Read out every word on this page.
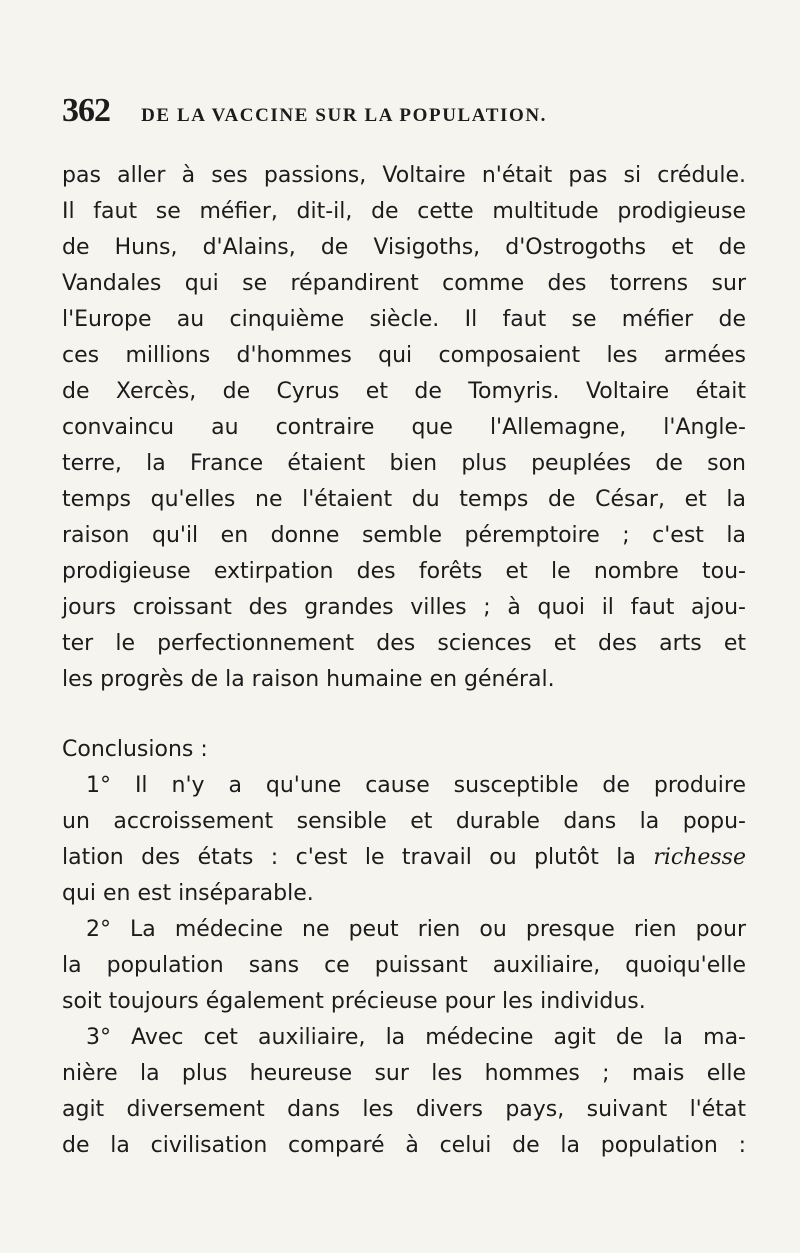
362 DE LA VACCINE SUR LA POPULATION.
pas aller à ses passions, Voltaire n'était pas si crédule.
Il faut se méfier, dit-il, de cette multitude prodigieuse
de Huns, d'Alains, de Visigoths, d'Ostrogoths et de
Vandales qui se répandirent comme des torrens sur
l'Europe au cinquième siècle. Il faut se méfier de
ces millions d'hommes qui composaient les armées
de Xercès, de Cyrus et de Tomyris. Voltaire était
convaincu au contraire que l'Allemagne, l'Angle-
terre, la France étaient bien plus peuplées de son
temps qu'elles ne l'étaient du temps de César, et la
raison qu'il en donne semble péremptoire ; c'est la
prodigieuse extirpation des forêts et le nombre tou-
jours croissant des grandes villes ; à quoi il faut ajou-
ter le perfectionnement des sciences et des arts et
les progrès de la raison humaine en général.
Conclusions :
1° Il n'y a qu'une cause susceptible de produire
un accroissement sensible et durable dans la popu-
lation des états : c'est le travail ou plutôt la richesse
qui en est inséparable.
2° La médecine ne peut rien ou presque rien pour
la population sans ce puissant auxiliaire, quoiqu'elle
soit toujours également précieuse pour les individus.
3° Avec cet auxiliaire, la médecine agit de la ma-
nière la plus heureuse sur les hommes ; mais elle
agit diversement dans les divers pays, suivant l'état
de la civilisation comparé à celui de la population :
